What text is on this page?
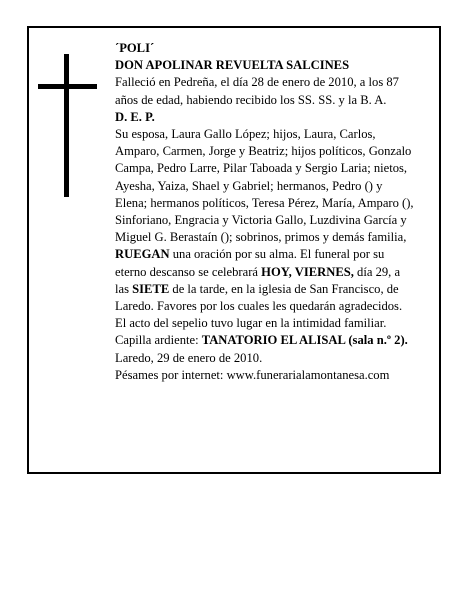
´POLI´

DON APOLINAR REVUELTA SALCINES

Falleció en Pedreña, el día 28 de enero de 2010, a los 87 años de edad, habiendo recibido los SS. SS. y la B. A.

D. E. P.

Su esposa, Laura Gallo López; hijos, Laura, Carlos, Amparo, Carmen, Jorge y Beatriz; hijos políticos, Gonzalo Campa, Pedro Larre, Pilar Taboada y Sergio Laria; nietos, Ayesha, Yaiza, Shael y Gabriel; hermanos, Pedro () y Elena; hermanos políticos, Teresa Pérez, María, Amparo (), Sinforiano, Engracia y Victoria Gallo, Luzdivina García y Miguel G. Berastaín (); sobrinos, primos y demás familia,

RUEGAN una oración por su alma. El funeral por su eterno descanso se celebrará HOY, VIERNES, día 29, a las SIETE de la tarde, en la iglesia de San Francisco, de Laredo. Favores por los cuales les quedarán agradecidos. El acto del sepelio tuvo lugar en la intimidad familiar. Capilla ardiente: TANATORIO EL ALISAL (sala n.º 2).

Laredo, 29 de enero de 2010.

Pésames por internet: www.funerarialamontanesa.com
